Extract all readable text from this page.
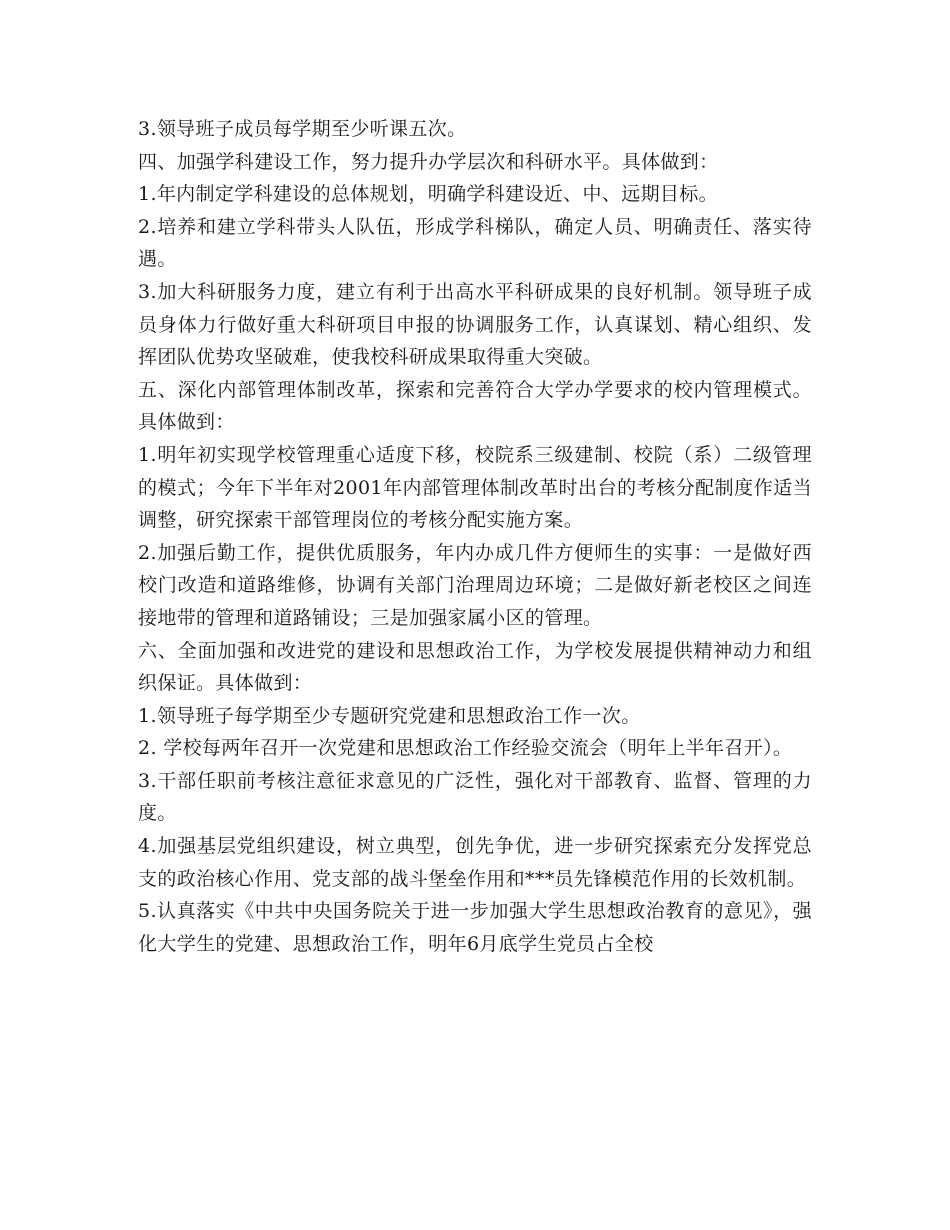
3.领导班子成员每学期至少听课五次。

四、加强学科建设工作，努力提升办学层次和科研水平。具体做到：

1.年内制定学科建设的总体规划，明确学科建设近、中、远期目标。

2.培养和建立学科带头人队伍，形成学科梯队，确定人员、明确责任、落实待遇。

3.加大科研服务力度，建立有利于出高水平科研成果的良好机制。领导班子成员身体力行做好重大科研项目申报的协调服务工作，认真谋划、精心组织、发挥团队优势攻坚破难，使我校科研成果取得重大突破。

五、深化内部管理体制改革，探索和完善符合大学办学要求的校内管理模式。具体做到：

1.明年初实现学校管理重心适度下移，校院系三级建制、校院（系）二级管理的模式；今年下半年对2001年内部管理体制改革时出台的考核分配制度作适当调整，研究探索干部管理岗位的考核分配实施方案。

2.加强后勤工作，提供优质服务，年内办成几件方便师生的实事：一是做好西校门改造和道路维修，协调有关部门治理周边环境；二是做好新老校区之间连接地带的管理和道路铺设；三是加强家属小区的管理。

六、全面加强和改进党的建设和思想政治工作，为学校发展提供精神动力和组织保证。具体做到：

1.领导班子每学期至少专题研究党建和思想政治工作一次。

2. 学校每两年召开一次党建和思想政治工作经验交流会（明年上半年召开）。

3.干部任职前考核注意征求意见的广泛性，强化对干部教育、监督、管理的力度。

4.加强基层党组织建设，树立典型，创先争优，进一步研究探索充分发挥党总支的政治核心作用、党支部的战斗堡垒作用和***员先锋模范作用的长效机制。

5.认真落实《中共中央国务院关于进一步加强大学生思想政治教育的意见》，强化大学生的党建、思想政治工作，明年6月底学生党员占全校
